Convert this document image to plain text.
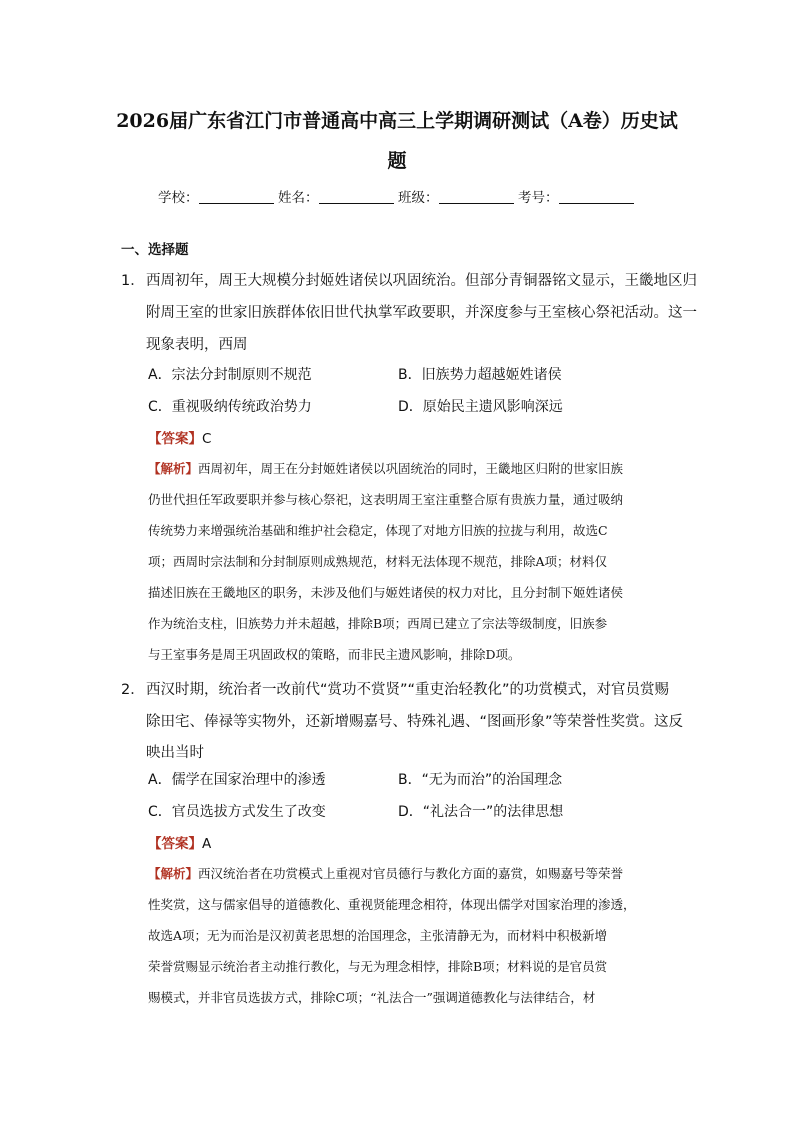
2026届广东省江门市普通高中高三上学期调研测试（A卷）历史试
题
学校：	姓名：	班级：	考号：
一、选择题
1． 西周初年，周王大规模分封姬姓诸侯以巩固统治。但部分青铜器铭文显示，王畿地区归
附周王室的世家旧族群体依旧世代执掌军政要职，并深度参与王室核心祭祀活动。这一
现象表明，西周
A．宗法分封制原则不规范	B．旧族势力超越姬姓诸侯
C．重视吸纳传统政治势力	D．原始民主遗风影响深远
【答案】C
【解析】西周初年，周王在分封姬姓诸侯以巩固统治的同时，王畿地区归附的世家旧族
仍世代担任军政要职并参与核心祭祀，这表明周王室注重整合原有贵族力量，通过吸纳
传统势力来增强统治基础和维护社会稳定，体现了对地方旧族的拉拢与利用，故选C
项；西周时宗法制和分封制原则成熟规范，材料无法体现不规范，排除A项；材料仅
描述旧族在王畿地区的职务，未涉及他们与姬姓诸侯的权力对比，且分封制下姬姓诸侯
作为统治支柱，旧族势力并未超越，排除B项；西周已建立了宗法等级制度，旧族参
与王室事务是周王巩固政权的策略，而非民主遗风影响，排除D项。
2． 西汉时期，统治者一改前代“赏功不赏贤”“重吏治轻教化”的功赏模式，对官员赏赐
除田宅、俸禄等实物外，还新增赐嘉号、特殊礼遇、“图画形象”等荣誉性奖赏。这反
映出当时
A．儒学在国家治理中的渗透	B．“无为而治”的治国理念
C．官员选拔方式发生了改变	D．“礼法合一”的法律思想
【答案】A
【解析】西汉统治者在功赏模式上重视对官员德行与教化方面的嘉赏，如赐嘉号等荣誉
性奖赏，这与儒家倡导的道德教化、重视贤能理念相符，体现出儒学对国家治理的渗透，
故选A项；无为而治是汉初黄老思想的治国理念，主张清静无为，而材料中积极新增
荣誉赏赐显示统治者主动推行教化，与无为理念相悖，排除B项；材料说的是官员赏
赐模式，并非官员选拔方式，排除C项；“礼法合一”强调道德教化与法律结合，材
